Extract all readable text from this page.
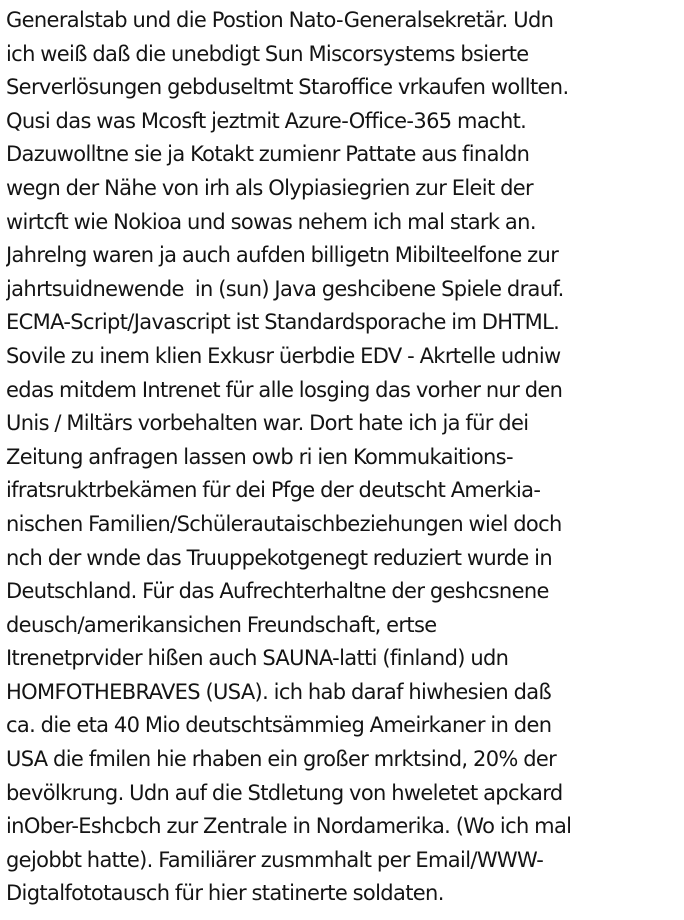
Generalstab und die Postion Nato-Generalsekretär. Udn
ich weiß daß die unebdigt Sun Miscorsystems bsierte
Serverlösungen gebduseltmt Staroffice vrkaufen wollten.
Qusi das was Mcosft jeztmit Azure-Office-365 macht.
Dazuwolltne sie ja Kotakt zumienr Pattate aus finaldn
wegn der Nähe von irh als Olypiasiegrien zur Eleit der
wirtcft wie Nokioa und sowas nehem ich mal stark an.
Jahrelng waren ja auch aufden billigetn Mibilteelfone zur
jahrtsuidnewende  in (sun) Java geshcibene Spiele drauf.
ECMA-Script/Javascript ist Standardsporache im DHTML.
Sovile zu inem klien Exkusr üerbdie EDV - Akrtelle udniw
edas mitdem Intrenet für alle losging das vorher nur den
Unis / Miltärs vorbehalten war. Dort hate ich ja für dei
Zeitung anfragen lassen owb ri ien Kommukaitions-
ifratsruktrbekämen für dei Pfge der deutscht Amerkia-
nischen Familien/Schülerautaischbeziehungen wiel doch
nch der wnde das Truuppekotgenegt reduziert wurde in
Deutschland. Für das Aufrechterhaltne der geshcsnene
deusch/amerikansichen Freundschaft, ertse
Itrenetprvider hißen auch SAUNA-latti (finland) udn
HOMFOTHEBRAVES (USA). ich hab daraf hiwhesien daß
ca. die eta 40 Mio deutschtsämmieg Ameirkaner in den
USA die fmilen hie rhaben ein großer mrktsind, 20% der
bevölkrung. Udn auf die Stdletung von hweletet apckard
inOber-Eshcbch zur Zentrale in Nordamerika. (Wo ich mal
gejobbt hatte). Familiärer zusmmhalt per Email/WWW-
Digtalfototausch für hier statinerte soldaten.
